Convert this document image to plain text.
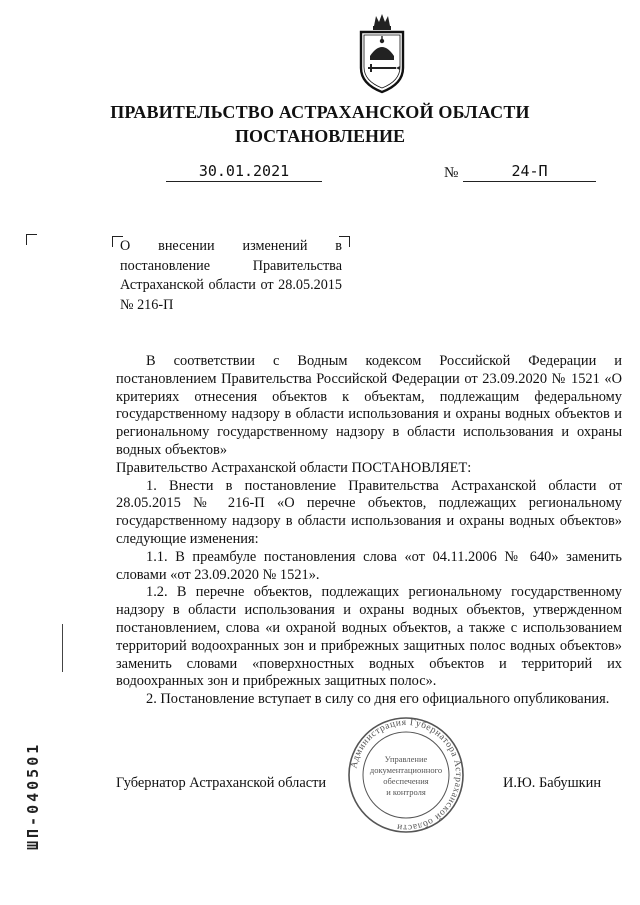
ПРАВИТЕЛЬСТВО АСТРАХАНСКОЙ ОБЛАСТИ
ПОСТАНОВЛЕНИЕ
30.01.2021	№	24-П
О внесении изменений в постановление Правительства Астраханской области от 28.05.2015 № 216-П

В соответствии с Водным кодексом Российской Федерации и постановлением Правительства Российской Федерации от 23.09.2020 № 1521 «О критериях отнесения объектов к объектам, подлежащим федеральному государственному надзору в области использования и охраны водных объектов и региональному государственному надзору в области использования и охраны водных объектов»

Правительство Астраханской области ПОСТАНОВЛЯЕТ:

1. Внести в постановление Правительства Астраханской области от 28.05.2015 № 216-П «О перечне объектов, подлежащих региональному государственному надзору в области использования и охраны водных объектов» следующие изменения:

1.1. В преамбуле постановления слова «от 04.11.2006 № 640» заменить словами «от 23.09.2020 № 1521».

1.2. В перечне объектов, подлежащих региональному государственному надзору в области использования и охраны водных объектов, утвержденном постановлением, слова «и охраной водных объектов, а также с использованием территорий водоохранных зон и прибрежных защитных полос водных объектов» заменить словами «поверхностных водных объектов и территорий их водоохранных зон и прибрежных защитных полос».

2. Постановление вступает в силу со дня его официального опубликования.

Администрация Губернатора Астраханской области
Управление
документационного
обеспечения
и контроля
Губернатор Астраханской области	И.Ю. Бабушкин
ШП-040501
